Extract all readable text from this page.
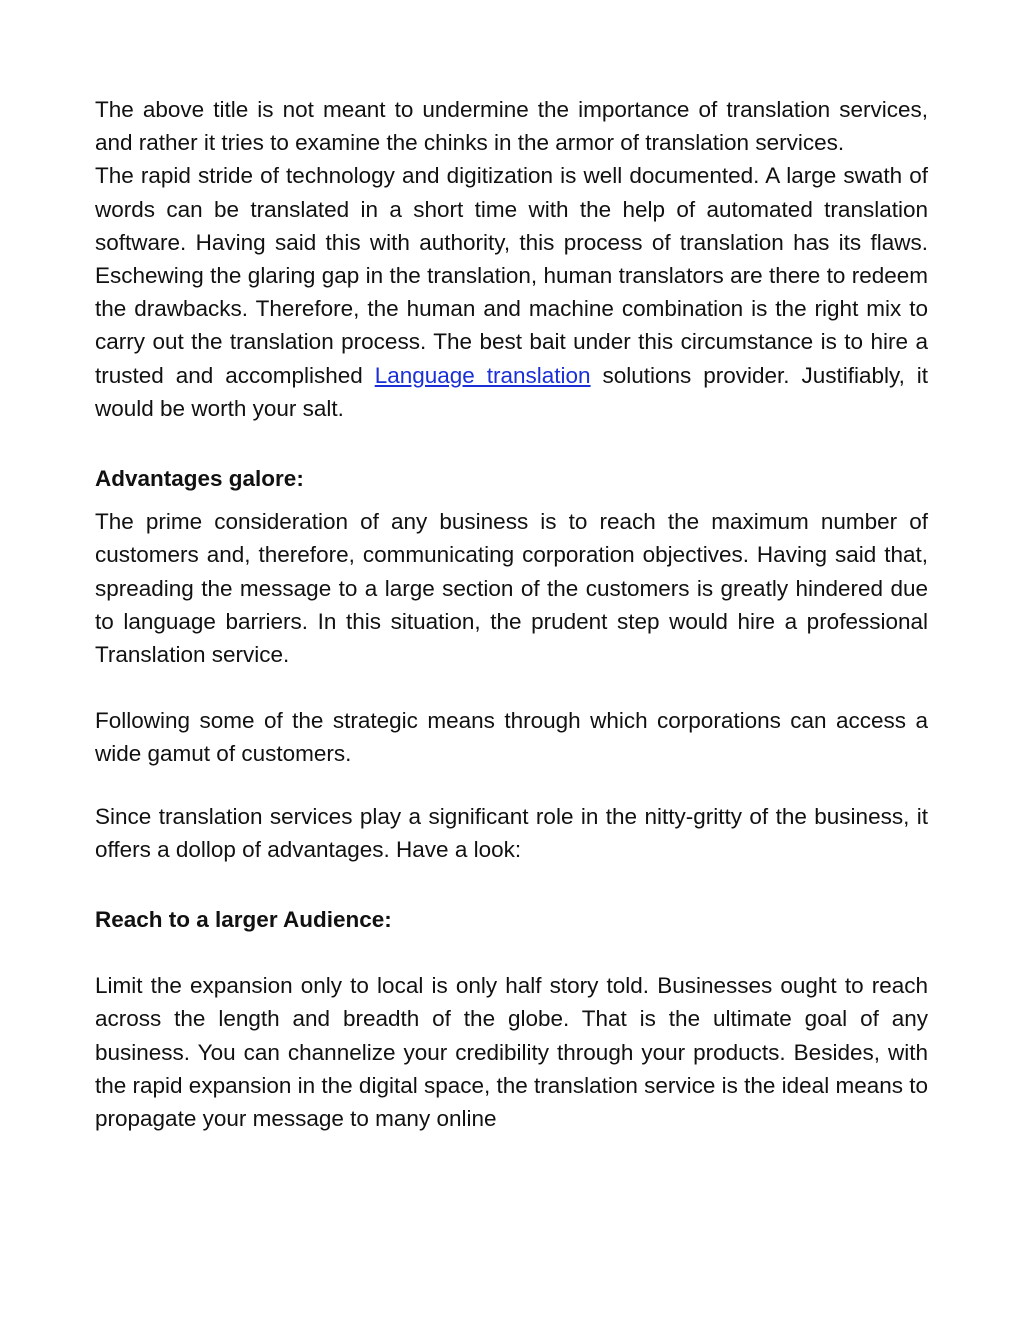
The above title is not meant to undermine the importance of translation services, and rather it tries to examine the chinks in the armor of translation services.

The rapid stride of technology and digitization is well documented. A large swath of words can be translated in a short time with the help of automated translation software. Having said this with authority, this process of translation has its flaws. Eschewing the glaring gap in the translation, human translators are there to redeem the drawbacks. Therefore, the human and machine combination is the right mix to carry out the translation process. The best bait under this circumstance is to hire a trusted and accomplished Language translation solutions provider. Justifiably, it would be worth your salt.

Advantages galore:

The prime consideration of any business is to reach the maximum number of customers and, therefore, communicating corporation objectives. Having said that, spreading the message to a large section of the customers is greatly hindered due to language barriers. In this situation, the prudent step would hire a professional Translation service.

Following some of the strategic means through which corporations can access a wide gamut of customers.

Since translation services play a significant role in the nitty-gritty of the business, it offers a dollop of advantages. Have a look:

Reach to a larger Audience:

Limit the expansion only to local is only half story told. Businesses ought to reach across the length and breadth of the globe. That is the ultimate goal of any business. You can channelize your credibility through your products. Besides, with the rapid expansion in the digital space, the translation service is the ideal means to propagate your message to many online
